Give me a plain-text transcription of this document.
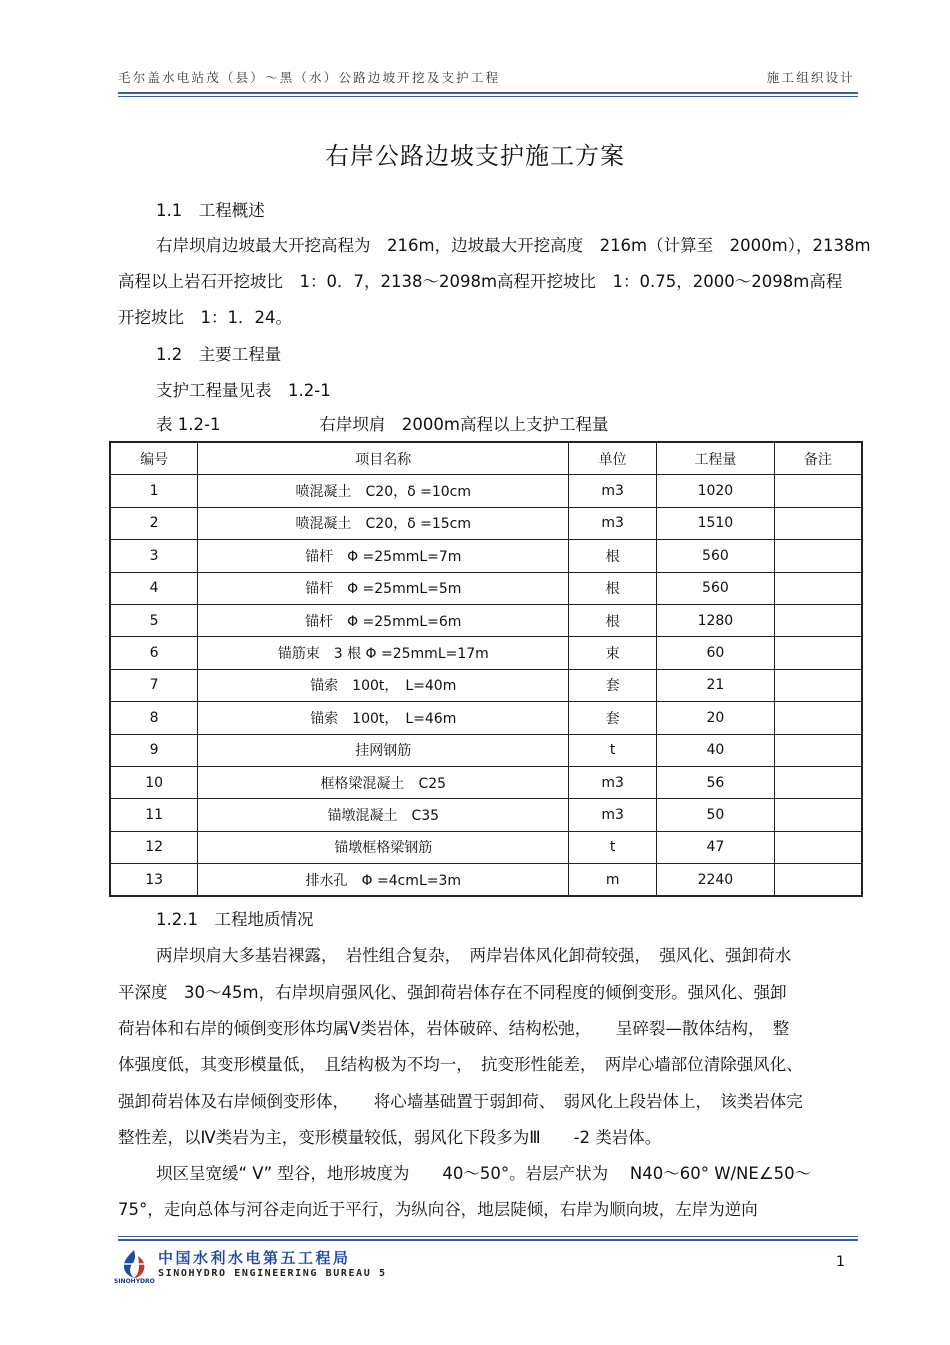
毛尔盖水电站茂（县）～黑（水）公路边坡开挖及支护工程	施工组织设计
右岸公路边坡支护施工方案
1.1　工程概述
右岸坝肩边坡最大开挖高程为　216m，边坡最大开挖高度　216m（计算至　2000m），2138m
高程以上岩石开挖坡比　1：0．7，2138～2098m高程开挖坡比　1：0.75，2000～2098m高程
开挖坡比　1：1．24。
1.2　主要工程量
支护工程量见表　1.2-1
表 1.2-1　　　　　　右岸坝肩　2000m高程以上支护工程量
编号	项目名称	单位	工程量	备注
1	喷混凝土　C20，δ =10cm	m3	1020	
2	喷混凝土　C20，δ =15cm	m3	1510	
3	锚杆　Φ =25mmL=7m	根	560	
4	锚杆　Φ =25mmL=5m	根	560	
5	锚杆　Φ =25mmL=6m	根	1280	
6	锚筋束　3 根 Φ =25mmL=17m	束	60	
7	锚索　100t，　L=40m	套	21	
8	锚索　100t，　L=46m	套	20	
9	挂网钢筋	t	40	
10	框格梁混凝土　C25	m3	56	
11	锚墩混凝土　C35	m3	50	
12	锚墩框格梁钢筋	t	47	
13	排水孔　Φ =4cmL=3m	m	2240	
1.2.1　工程地质情况
两岸坝肩大多基岩裸露，　岩性组合复杂，　两岸岩体风化卸荷较强，　强风化、强卸荷水
平深度　30～45m，右岸坝肩强风化、强卸荷岩体存在不同程度的倾倒变形。强风化、强卸
荷岩体和右岸的倾倒变形体均属Ⅴ类岩体，岩体破碎、结构松弛，　　呈碎裂—散体结构，　整
体强度低，其变形模量低，　且结构极为不均一，　抗变形性能差，　两岸心墙部位清除强风化、
强卸荷岩体及右岸倾倒变形体，　　将心墙基础置于弱卸荷、　弱风化上段岩体上，　该类岩体完
整性差，以Ⅳ类岩为主，变形模量较低，弱风化下段多为Ⅲ　　-2 类岩体。
坝区呈宽缓“ V” 型谷，地形坡度为　　40～50°。岩层产状为　 N40～60° W/NE∠50～
75°，走向总体与河谷走向近于平行，为纵向谷，地层陡倾，右岸为顺向坡，左岸为逆向
SINOHYDRO
中国水利水电第五工程局
SINOHYDRO ENGINEERING BUREAU 5
1
